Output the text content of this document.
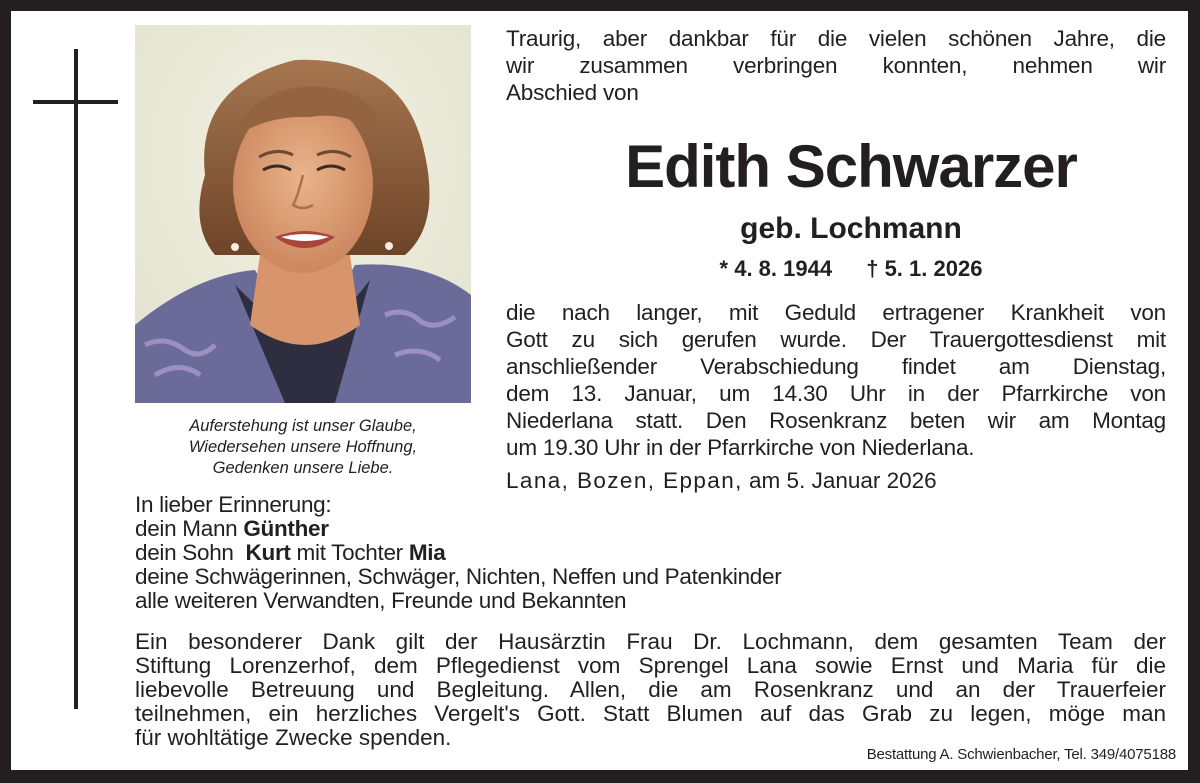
Auferstehung ist unser Glaube,
Wiedersehen unsere Hoffnung,
Gedenken unsere Liebe.
Traurig, aber dankbar für die vielen schönen Jahre, die
wir zusammen verbringen konnten, nehmen wir
Abschied von
Edith Schwarzer
geb. Lochmann
* 4. 8. 1944 † 5. 1. 2026
die nach langer, mit Geduld ertragener Krankheit von
Gott zu sich gerufen wurde. Der Trauergottesdienst mit
anschließender Verabschiedung findet am Dienstag,
dem 13. Januar, um 14.30 Uhr in der Pfarrkirche von
Niederlana statt. Den Rosenkranz beten wir am Montag
um 19.30 Uhr in der Pfarrkirche von Niederlana.
Lana, Bozen, Eppan, am 5. Januar 2026
In lieber Erinnerung:
dein Mann Günther
dein Sohn Kurt mit Tochter Mia
deine Schwägerinnen, Schwäger, Nichten, Neffen und Patenkinder
alle weiteren Verwandten, Freunde und Bekannten
Ein besonderer Dank gilt der Hausärztin Frau Dr. Lochmann, dem gesamten Team der
Stiftung Lorenzerhof, dem Pflegedienst vom Sprengel Lana sowie Ernst und Maria für die
liebevolle Betreuung und Begleitung. Allen, die am Rosenkranz und an der Trauerfeier
teilnehmen, ein herzliches Vergelt's Gott. Statt Blumen auf das Grab zu legen, möge man
für wohltätige Zwecke spenden.
Bestattung A. Schwienbacher, Tel. 349/4075188
